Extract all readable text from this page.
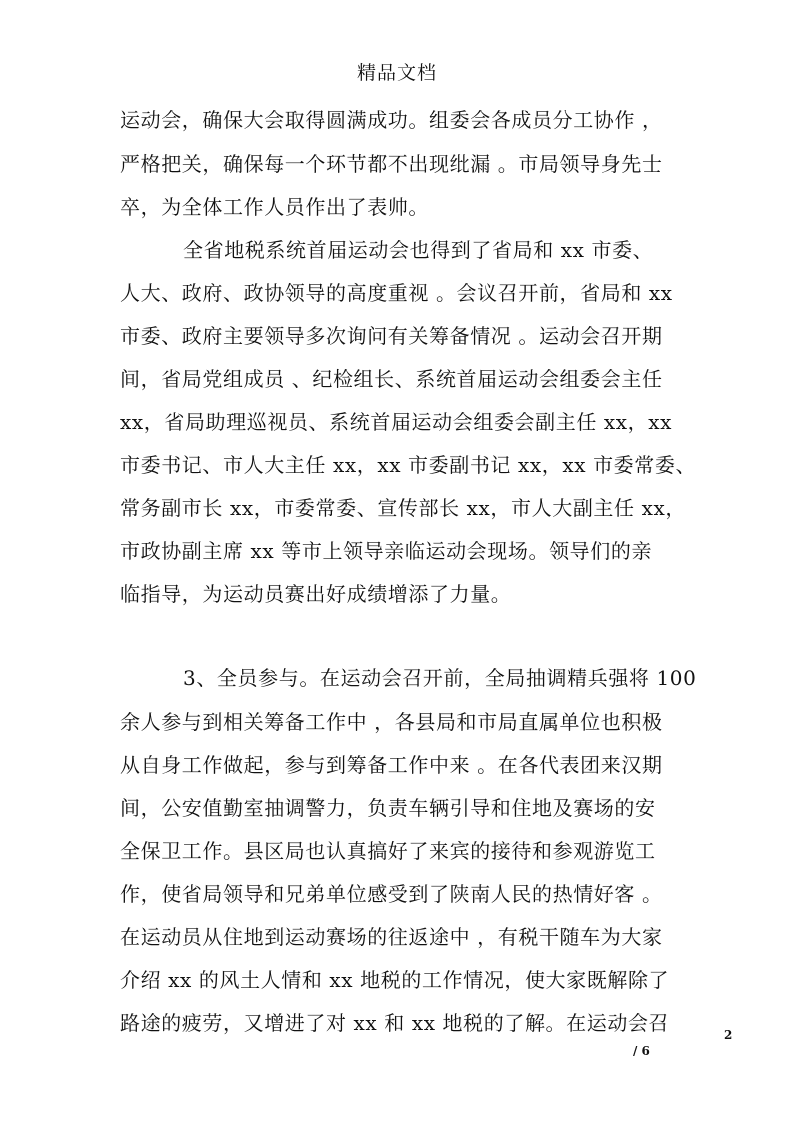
精品文档
运动会，确保大会取得圆满成功。组委会各成员分工协作 ，
严格把关，确保每一个环节都不出现纰漏 。市局领导身先士
卒，为全体工作人员作出了表帅。
全省地税系统首届运动会也得到了省局和 xx 市委、
人大、政府、政协领导的高度重视 。会议召开前，省局和 xx
市委、政府主要领导多次询问有关筹备情况 。运动会召开期
间，省局党组成员 、纪检组长、系统首届运动会组委会主任
xx，省局助理巡视员、系统首届运动会组委会副主任 xx，xx
市委书记、市人大主任 xx，xx 市委副书记 xx，xx 市委常委、
常务副市长 xx，市委常委、宣传部长 xx，市人大副主任 xx，
市政协副主席 xx 等市上领导亲临运动会现场。领导们的亲
临指导，为运动员赛出好成绩增添了力量。
3、全员参与。在运动会召开前，全局抽调精兵强将 100
余人参与到相关筹备工作中 ，各县局和市局直属单位也积极
从自身工作做起，参与到筹备工作中来 。在各代表团来汉期
间，公安值勤室抽调警力，负责车辆引导和住地及赛场的安
全保卫工作。县区局也认真搞好了来宾的接待和参观游览工
作，使省局领导和兄弟单位感受到了陕南人民的热情好客 。
在运动员从住地到运动赛场的往返途中 ，有税干随车为大家
介绍 xx 的风土人情和 xx 地税的工作情况，使大家既解除了
路途的疲劳，又增进了对 xx 和 xx 地税的了解。在运动会召	2
/ 6
